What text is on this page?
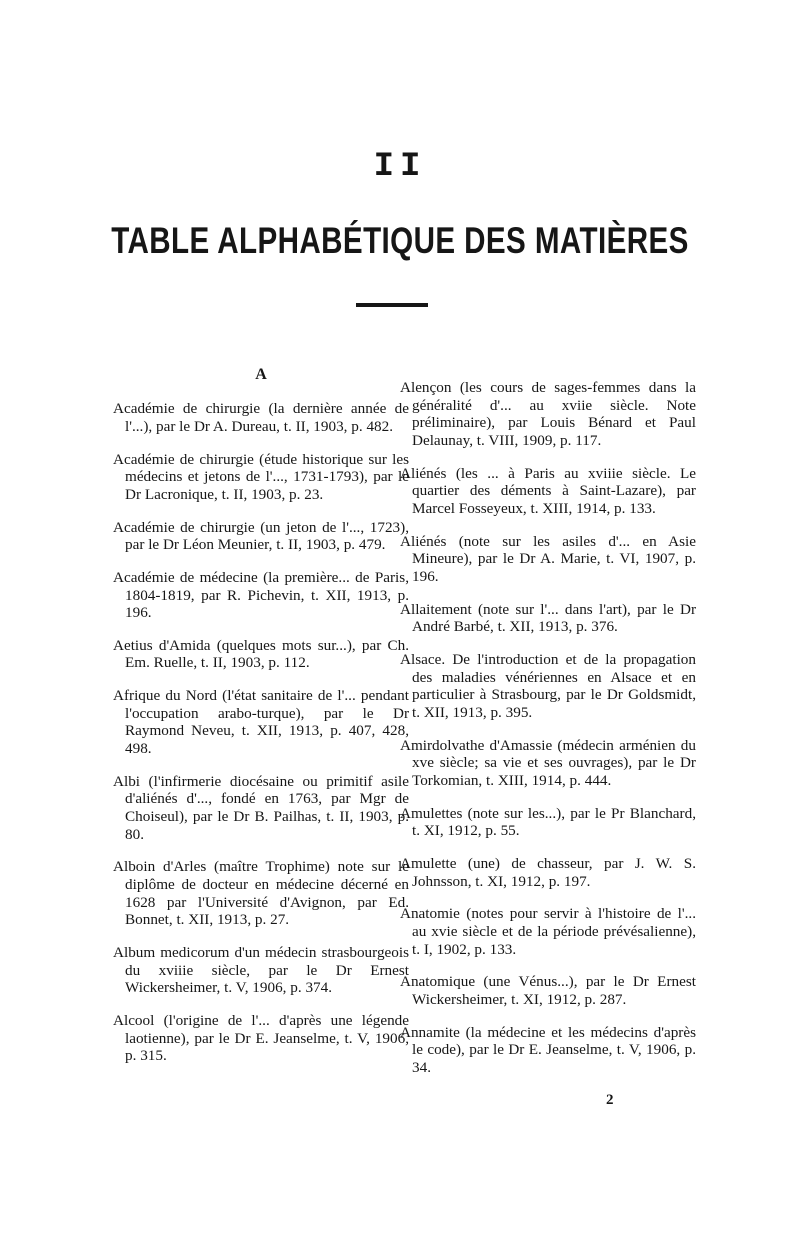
II
TABLE ALPHABÉTIQUE DES MATIÈRES
A

Académie de chirurgie (la dernière année de l'...), par le Dr A. Dureau, t. II, 1903, p. 482.

Académie de chirurgie (étude historique sur les médecins et jetons de l'..., 1731-1793), par le Dr Lacronique, t. II, 1903, p. 23.

Académie de chirurgie (un jeton de l'..., 1723), par le Dr Léon Meunier, t. II, 1903, p. 479.

Académie de médecine (la première... de Paris, 1804-1819, par R. Pichevin, t. XII, 1913, p. 196.

Aetius d'Amida (quelques mots sur...), par Ch. Em. Ruelle, t. II, 1903, p. 112.

Afrique du Nord (l'état sanitaire de l'... pendant l'occupation arabo-turque), par le Dr Raymond Neveu, t. XII, 1913, p. 407, 428, 498.

Albi (l'infirmerie diocésaine ou primitif asile d'aliénés d'..., fondé en 1763, par Mgr de Choiseul), par le Dr B. Pailhas, t. II, 1903, p. 80.

Alboin d'Arles (maître Trophime) note sur le diplôme de docteur en médecine décerné en 1628 par l'Université d'Avignon, par Ed. Bonnet, t. XII, 1913, p. 27.

Album medicorum d'un médecin strasbourgeois du xviiie siècle, par le Dr Ernest Wickersheimer, t. V, 1906, p. 374.

Alcool (l'origine de l'... d'après une légende laotienne), par le Dr E. Jeanselme, t. V, 1906, p. 315.

Alençon (les cours de sages-femmes dans la généralité d'... au xviie siècle. Note préliminaire), par Louis Bénard et Paul Delaunay, t. VIII, 1909, p. 117.

Aliénés (les ... à Paris au xviiie siècle. Le quartier des déments à Saint-Lazare), par Marcel Fosseyeux, t. XIII, 1914, p. 133.

Aliénés (note sur les asiles d'... en Asie Mineure), par le Dr A. Marie, t. VI, 1907, p. 196.

Allaitement (note sur l'... dans l'art), par le Dr André Barbé, t. XII, 1913, p. 376.

Alsace. De l'introduction et de la propagation des maladies vénériennes en Alsace et en particulier à Strasbourg, par le Dr Goldsmidt, t. XII, 1913, p. 395.

Amirdolvathe d'Amassie (médecin arménien du xve siècle; sa vie et ses ouvrages), par le Dr Torkomian, t. XIII, 1914, p. 444.

Amulettes (note sur les...), par le Pr Blanchard, t. XI, 1912, p. 55.

Amulette (une) de chasseur, par J. W. S. Johnsson, t. XI, 1912, p. 197.

Anatomie (notes pour servir à l'histoire de l'... au xvie siècle et de la période prévésalienne), t. I, 1902, p. 133.

Anatomique (une Vénus...), par le Dr Ernest Wickersheimer, t. XI, 1912, p. 287.

Annamite (la médecine et les médecins d'après le code), par le Dr E. Jeanselme, t. V, 1906, p. 34.

2
